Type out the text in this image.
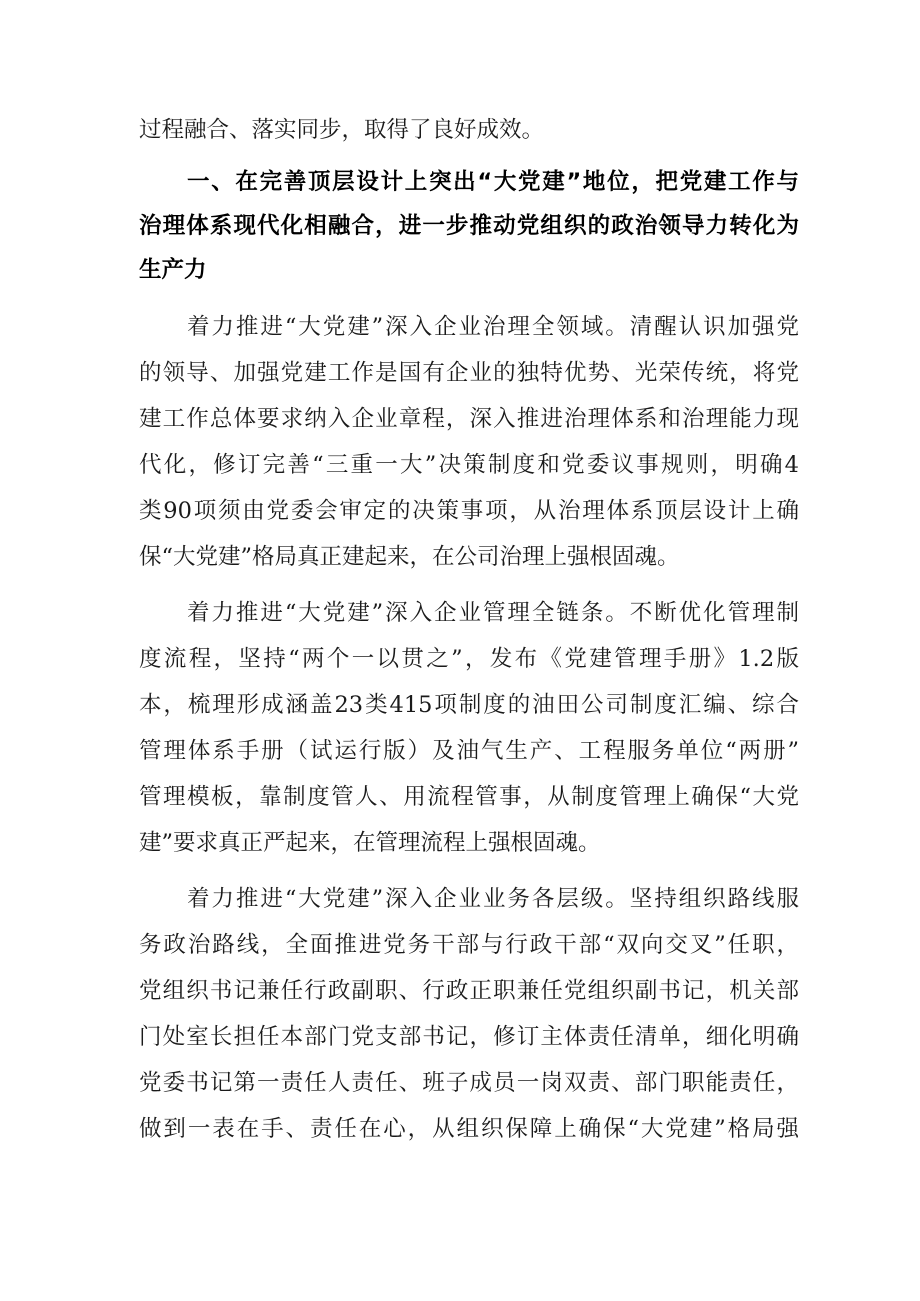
过程融合、落实同步，取得了良好成效。
一、在完善顶层设计上突出“大党建”地位，把党建工作与
治理体系现代化相融合，进一步推动党组织的政治领导力转化为
生产力
着力推进“大党建”深入企业治理全领域。清醒认识加强党
的领导、加强党建工作是国有企业的独特优势、光荣传统，将党
建工作总体要求纳入企业章程，深入推进治理体系和治理能力现
代化，修订完善“三重一大”决策制度和党委议事规则，明确4
类90项须由党委会审定的决策事项，从治理体系顶层设计上确
保“大党建”格局真正建起来，在公司治理上强根固魂。
着力推进“大党建”深入企业管理全链条。不断优化管理制
度流程，坚持“两个一以贯之”，发布《党建管理手册》1.2版
本，梳理形成涵盖23类415项制度的油田公司制度汇编、综合
管理体系手册（试运行版）及油气生产、工程服务单位“两册”
管理模板，靠制度管人、用流程管事，从制度管理上确保“大党
建”要求真正严起来，在管理流程上强根固魂。
着力推进“大党建”深入企业业务各层级。坚持组织路线服
务政治路线，全面推进党务干部与行政干部“双向交叉”任职，
党组织书记兼任行政副职、行政正职兼任党组织副书记，机关部
门处室长担任本部门党支部书记，修订主体责任清单，细化明确
党委书记第一责任人责任、班子成员一岗双责、部门职能责任，
做到一表在手、责任在心，从组织保障上确保“大党建”格局强
